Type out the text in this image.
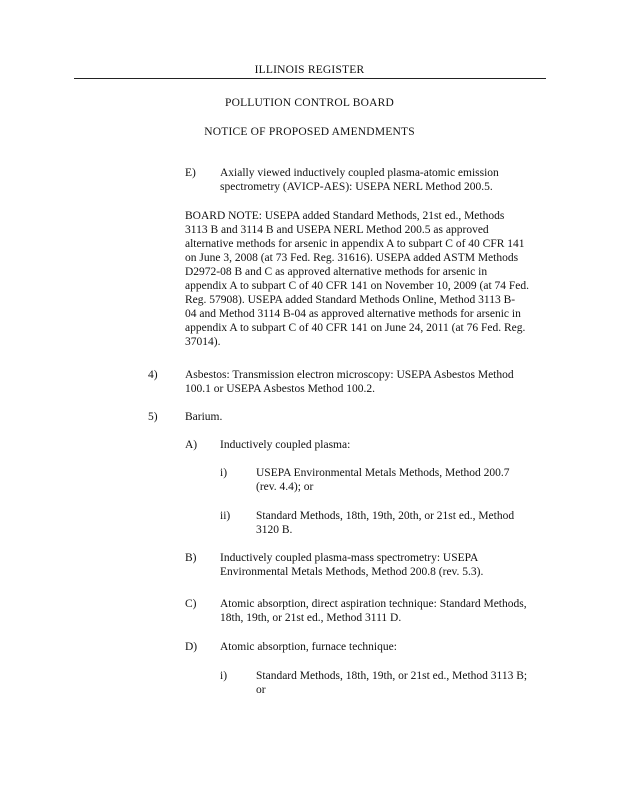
ILLINOIS REGISTER
POLLUTION CONTROL BOARD
NOTICE OF PROPOSED AMENDMENTS
E) Axially viewed inductively coupled plasma-atomic emission
spectrometry (AVICP-AES): USEPA NERL Method 200.5.
BOARD NOTE: USEPA added Standard Methods, 21st ed., Methods
3113 B and 3114 B and USEPA NERL Method 200.5 as approved
alternative methods for arsenic in appendix A to subpart C of 40 CFR 141
on June 3, 2008 (at 73 Fed. Reg. 31616). USEPA added ASTM Methods
D2972-08 B and C as approved alternative methods for arsenic in
appendix A to subpart C of 40 CFR 141 on November 10, 2009 (at 74 Fed.
Reg. 57908). USEPA added Standard Methods Online, Method 3113 B-
04 and Method 3114 B-04 as approved alternative methods for arsenic in
appendix A to subpart C of 40 CFR 141 on June 24, 2011 (at 76 Fed. Reg.
37014).
4) Asbestos: Transmission electron microscopy: USEPA Asbestos Method
100.1 or USEPA Asbestos Method 100.2.
5) Barium.
A) Inductively coupled plasma:
i)	USEPA Environmental Metals Methods, Method 200.7
(rev. 4.4); or
ii) Standard Methods, 18th, 19th, 20th, or 21st ed., Method
3120 B.
B) Inductively coupled plasma-mass spectrometry: USEPA
Environmental Metals Methods, Method 200.8 (rev. 5.3).
C) Atomic absorption, direct aspiration technique: Standard Methods,
18th, 19th, or 21st ed., Method 3111 D.
D) Atomic absorption, furnace technique:
i)	Standard Methods, 18th, 19th, or 21st ed., Method 3113 B;
or
